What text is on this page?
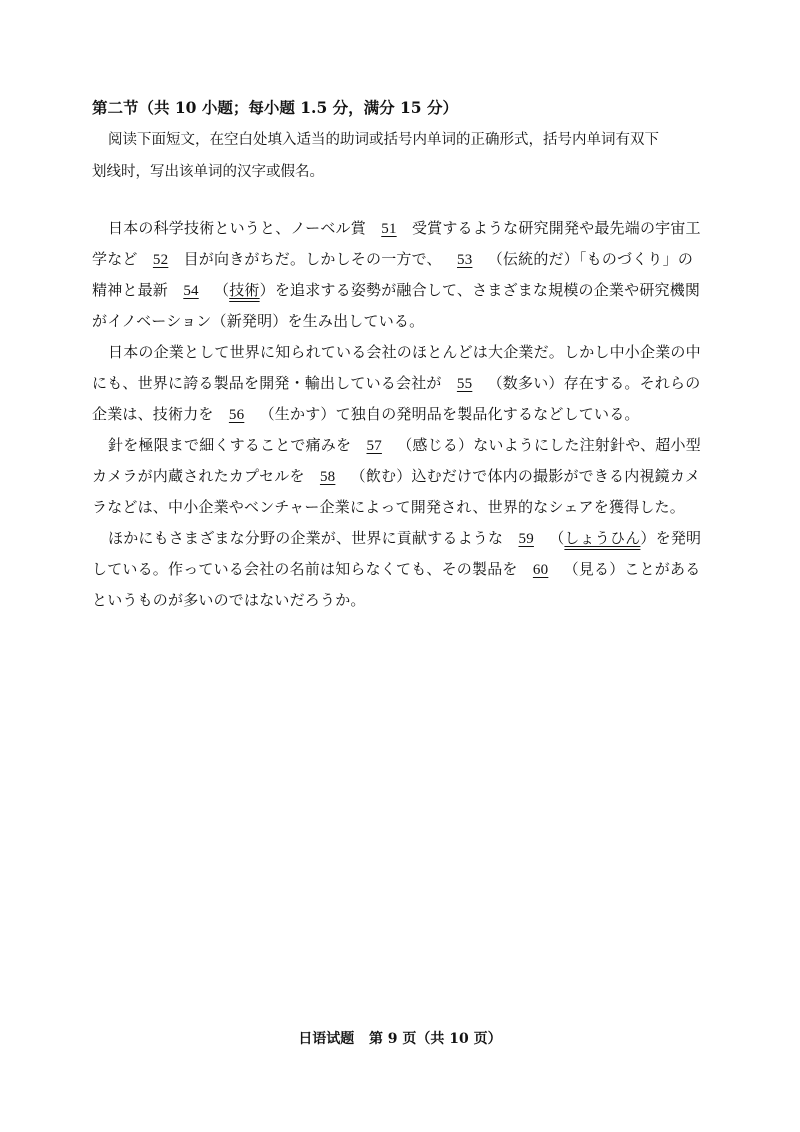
第二节（共 10 小题；每小题 1.5 分，满分 15 分）
阅读下面短文，在空白处填入适当的助词或括号内单词的正确形式，括号内单词有双下
划线时，写出该单词的汉字或假名。
日本の科学技術というと、ノーベル賞 51 受賞するような研究開発や最先端の宇宙工
学など 52 目が向きがちだ。しかしその一方で、 53 （伝統的だ）「ものづくり」の
精神と最新 54 （技術）を追求する姿勢が融合して、さまざまな規模の企業や研究機関
がイノベーション（新発明）を生み出している。
日本の企業として世界に知られている会社のほとんどは大企業だ。しかし中小企業の中
にも、世界に誇る製品を開発・輸出している会社が 55 （数多い）存在する。それらの
企業は、技術力を 56 （生かす）て独自の発明品を製品化するなどしている。
針を極限まで細くすることで痛みを 57 （感じる）ないようにした注射針や、超小型
カメラが内蔵されたカプセルを 58 （飲む）込むだけで体内の撮影ができる内視鏡カメ
ラなどは、中小企業やベンチャー企業によって開発され、世界的なシェアを獲得した。
ほかにもさまざまな分野の企業が、世界に貢献するような 59 （しょうひん）を発明
している。作っている会社の名前は知らなくても、その製品を 60 （見る）ことがある
というものが多いのではないだろうか。
日语试题 第 9 页（共 10 页）
